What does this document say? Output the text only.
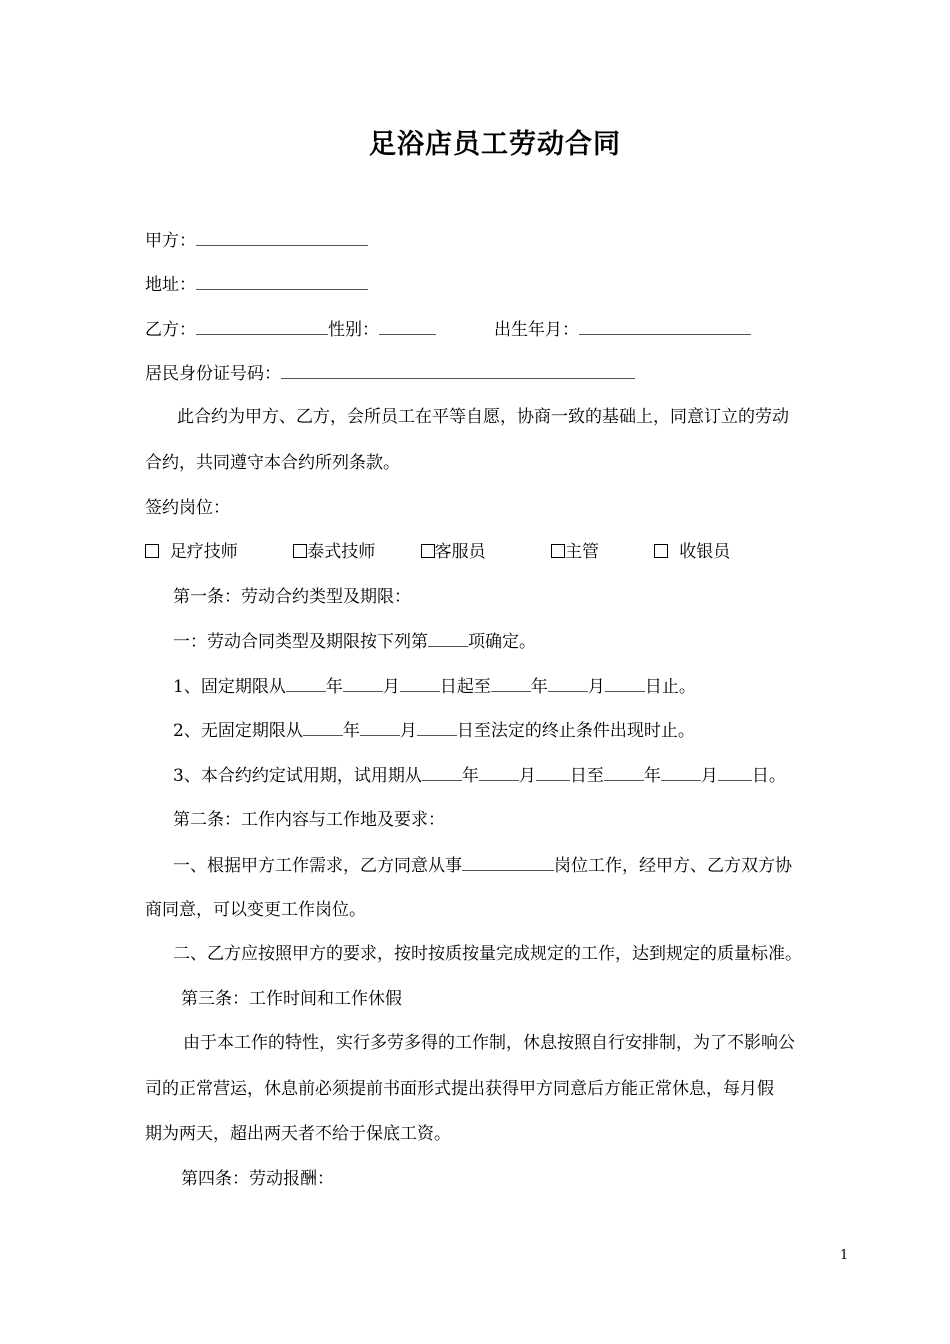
足浴店员工劳动合同
甲方：
地址：
乙方：	性别：	出生年月：
居民身份证号码：
此合约为甲方、乙方，会所员工在平等自愿，协商一致的基础上，同意订立的劳动
合约，共同遵守本合约所列条款。
签约岗位：
足疗技师	泰式技师	客服员	主管	收银员
第一条：劳动合约类型及期限：
一：劳动合同类型及期限按下列第 项确定。
1、固定期限从 年 月 日起至 年 月 日止。
2、无固定期限从 年 月 日至法定的终止条件出现时止。
3、本合约约定试用期，试用期从 年 月 日至 年 月 日。
第二条：工作内容与工作地及要求：
一、根据甲方工作需求，乙方同意从事	岗位工作，经甲方、乙方双方协
商同意，可以变更工作岗位。
二、乙方应按照甲方的要求，按时按质按量完成规定的工作，达到规定的质量标准。
第三条：工作时间和工作休假
由于本工作的特性，实行多劳多得的工作制，休息按照自行安排制，为了不影响公
司的正常营运，休息前必须提前书面形式提出获得甲方同意后方能正常休息，每月假
期为两天，超出两天者不给于保底工资。
第四条：劳动报酬：
1
